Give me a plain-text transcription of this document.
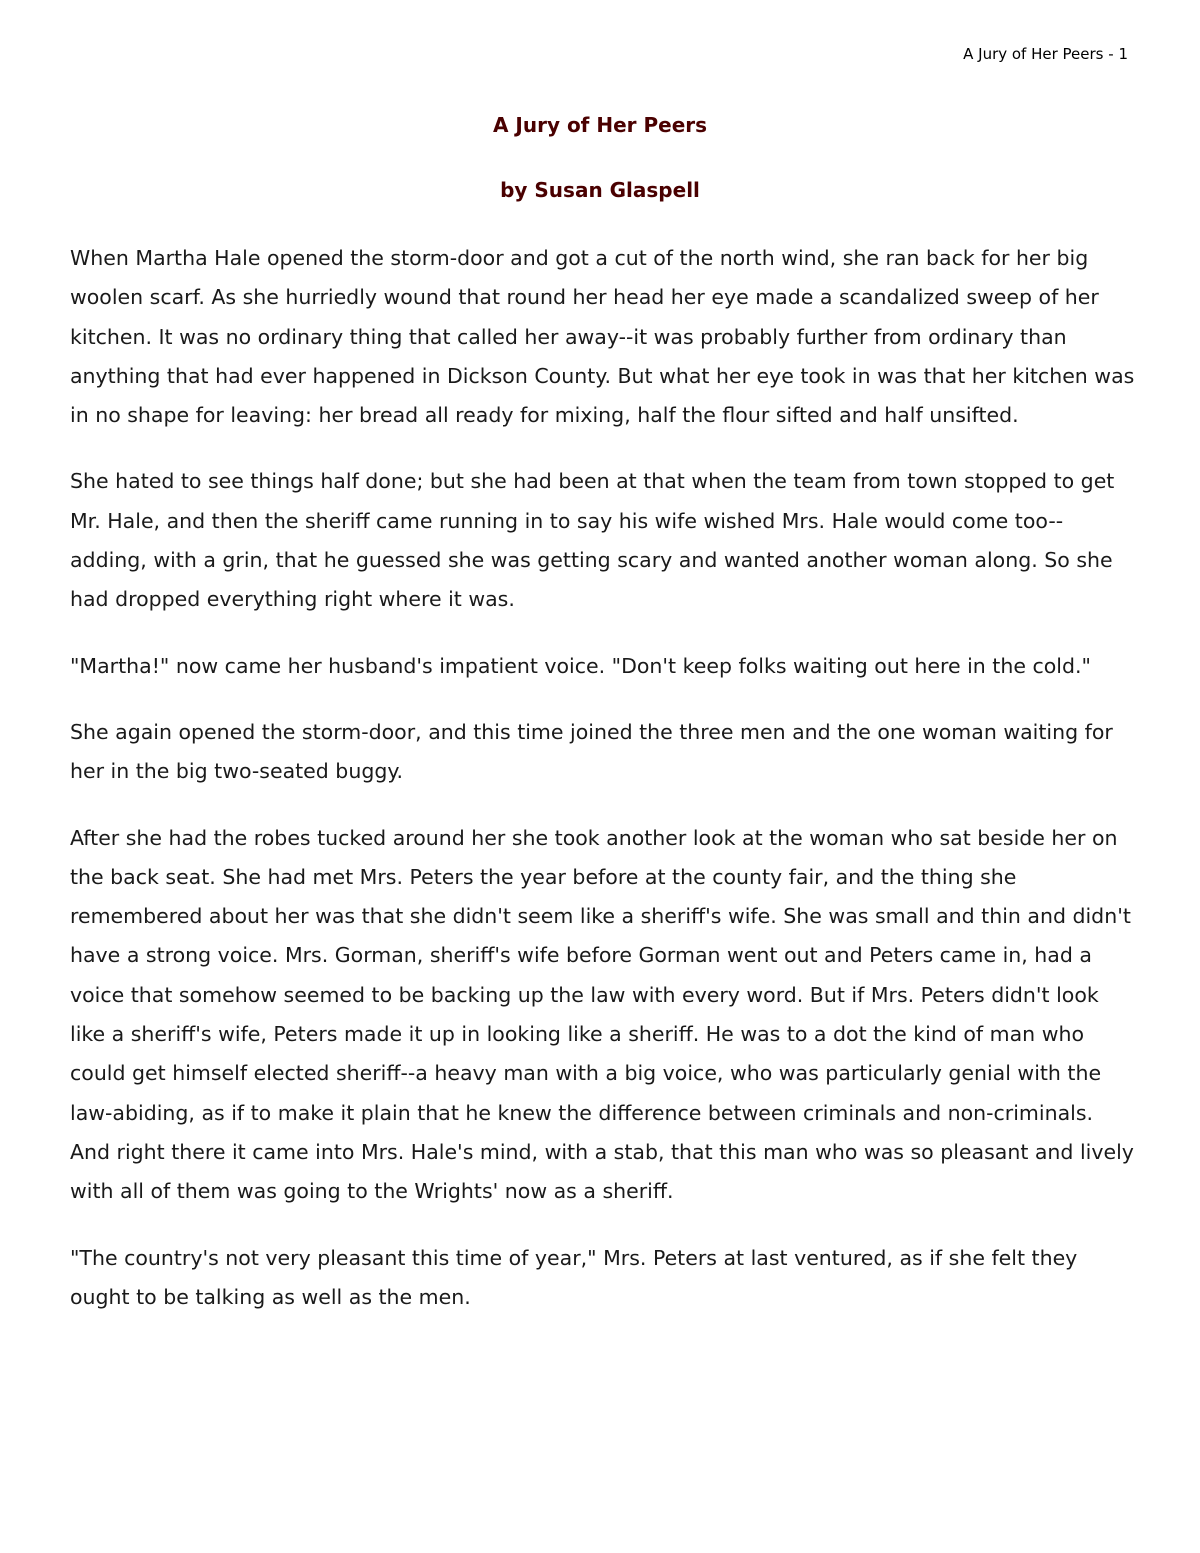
A Jury of Her Peers - 1
A Jury of Her Peers
by Susan Glaspell

When Martha Hale opened the storm-door and got a cut of the north wind, she ran back for her big woolen scarf. As she hurriedly wound that round her head her eye made a scandalized sweep of her kitchen. It was no ordinary thing that called her away--it was probably further from ordinary than anything that had ever happened in Dickson County. But what her eye took in was that her kitchen was in no shape for leaving: her bread all ready for mixing, half the flour sifted and half unsifted.

She hated to see things half done; but she had been at that when the team from town stopped to get Mr. Hale, and then the sheriff came running in to say his wife wished Mrs. Hale would come too--adding, with a grin, that he guessed she was getting scary and wanted another woman along. So she had dropped everything right where it was.

"Martha!" now came her husband's impatient voice. "Don't keep folks waiting out here in the cold."

She again opened the storm-door, and this time joined the three men and the one woman waiting for her in the big two-seated buggy.

After she had the robes tucked around her she took another look at the woman who sat beside her on the back seat. She had met Mrs. Peters the year before at the county fair, and the thing she remembered about her was that she didn't seem like a sheriff's wife. She was small and thin and didn't have a strong voice. Mrs. Gorman, sheriff's wife before Gorman went out and Peters came in, had a voice that somehow seemed to be backing up the law with every word. But if Mrs. Peters didn't look like a sheriff's wife, Peters made it up in looking like a sheriff. He was to a dot the kind of man who could get himself elected sheriff--a heavy man with a big voice, who was particularly genial with the law-abiding, as if to make it plain that he knew the difference between criminals and non-criminals. And right there it came into Mrs. Hale's mind, with a stab, that this man who was so pleasant and lively with all of them was going to the Wrights' now as a sheriff.

"The country's not very pleasant this time of year," Mrs. Peters at last ventured, as if she felt they ought to be talking as well as the men.
